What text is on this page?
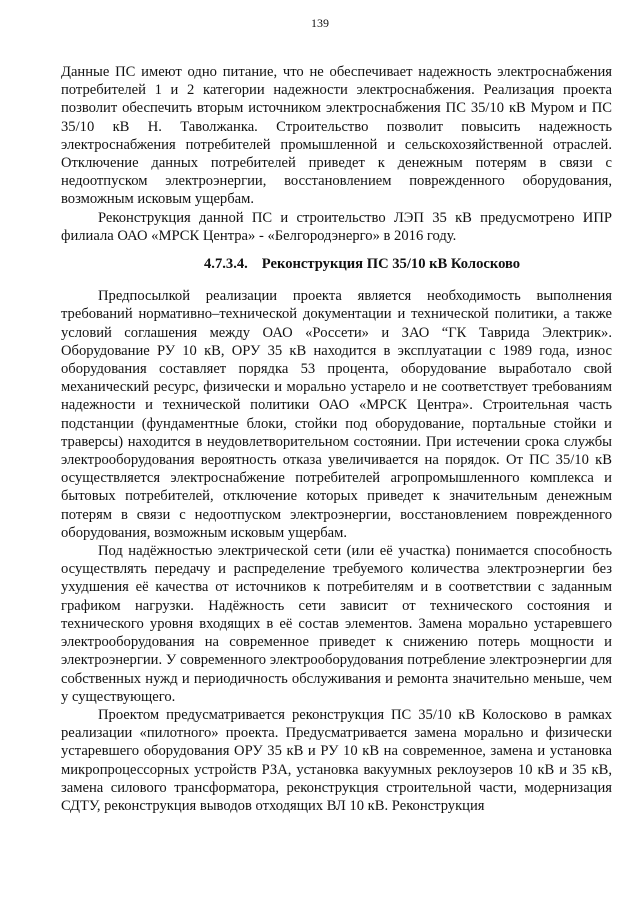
139

Данные ПС имеют одно питание, что не обеспечивает надежность электроснабжения потребителей 1 и 2 категории надежности электроснабжения. Реализация проекта позволит обеспечить вторым источником электроснабжения ПС 35/10 кВ Муром и ПС 35/10 кВ Н. Таволжанка. Строительство позволит повысить надежность электроснабжения потребителей промышленной и сельскохозяйственной отраслей. Отключение данных потребителей приведет к денежным потерям в связи с недоотпуском электроэнергии, восстановлением поврежденного оборудования, возможным исковым ущербам.

Реконструкция данной ПС и строительство ЛЭП 35 кВ предусмотрено ИПР филиала ОАО «МРСК Центра» - «Белгородэнерго» в 2016 году.

4.7.3.4. Реконструкция ПС 35/10 кВ Колосково

Предпосылкой реализации проекта является необходимость выполнения требований нормативно–технической документации и технической политики, а также условий соглашения между ОАО «Россети» и ЗАО “ГК Таврида Электрик». Оборудование РУ 10 кВ, ОРУ 35 кВ находится в эксплуатации с 1989 года, износ оборудования составляет порядка 53 процента, оборудование выработало свой механический ресурс, физически и морально устарело и не соответствует требованиям надежности и технической политики ОАО «МРСК Центра». Строительная часть подстанции (фундаментные блоки, стойки под оборудование, портальные стойки и траверсы) находится в неудовлетворительном состоянии. При истечении срока службы электрооборудования вероятность отказа увеличивается на порядок. От ПС 35/10 кВ осуществляется электроснабжение потребителей агропромышленного комплекса и бытовых потребителей, отключение которых приведет к значительным денежным потерям в связи с недоотпуском электроэнергии, восстановлением поврежденного оборудования, возможным исковым ущербам.

Под надёжностью электрической сети (или её участка) понимается способность осуществлять передачу и распределение требуемого количества электроэнергии без ухудшения её качества от источников к потребителям и в соответствии с заданным графиком нагрузки. Надёжность сети зависит от технического состояния и технического уровня входящих в её состав элементов. Замена морально устаревшего электрооборудования на современное приведет к снижению потерь мощности и электроэнергии. У современного электрооборудования потребление электроэнергии для собственных нужд и периодичность обслуживания и ремонта значительно меньше, чем у существующего.

Проектом предусматривается реконструкция ПС 35/10 кВ Колосково в рамках реализации «пилотного» проекта. Предусматривается замена морально и физически устаревшего оборудования ОРУ 35 кВ и РУ 10 кВ на современное, замена и установка микропроцессорных устройств РЗА, установка вакуумных реклоузеров 10 кВ и 35 кВ, замена силового трансформатора, реконструкция строительной части, модернизация СДТУ, реконструкция выводов отходящих ВЛ 10 кВ. Реконструкция
